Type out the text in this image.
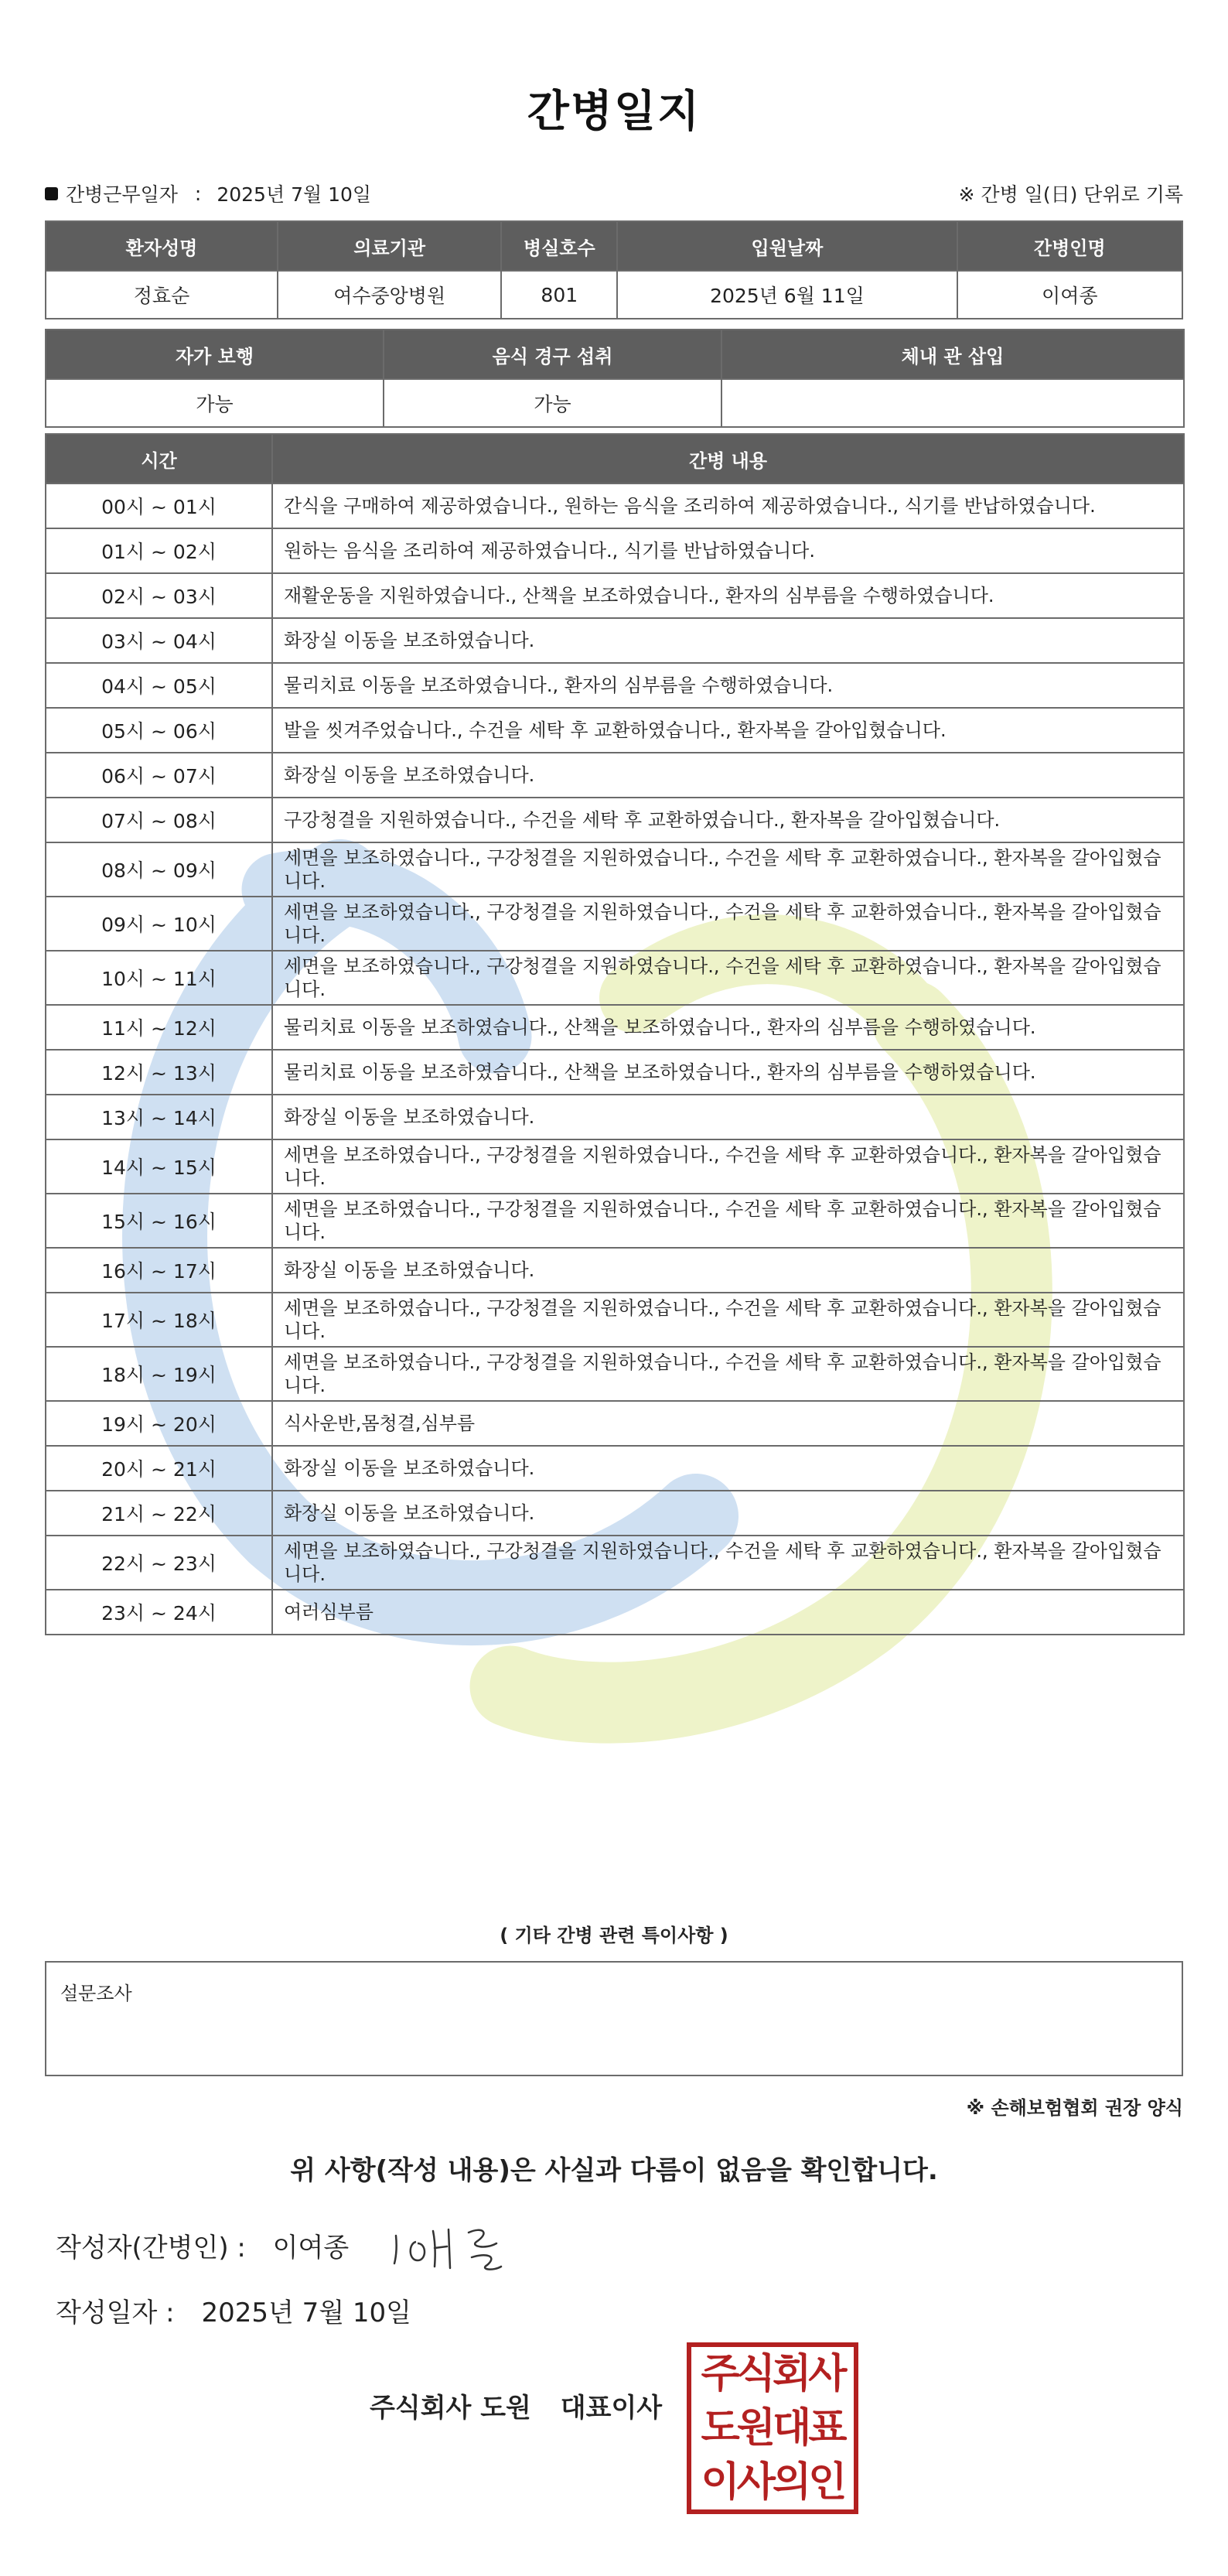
간병일지
간병근무일자 : 2025년 7월 10일	※ 간병 일(日) 단위로 기록
환자성명	의료기관	병실호수	입원날짜	간병인명
정효순	여수중앙병원	801	2025년 6월 11일	이여종
자가 보행	음식 경구 섭취	체내 관 삽입
가능	가능	
시간	간병 내용
00시 ~ 01시	간식을 구매하여 제공하였습니다., 원하는 음식을 조리하여 제공하였습니다., 식기를 반납하였습니다.
01시 ~ 02시	원하는 음식을 조리하여 제공하였습니다., 식기를 반납하였습니다.
02시 ~ 03시	재활운동을 지원하였습니다., 산책을 보조하였습니다., 환자의 심부름을 수행하였습니다.
03시 ~ 04시	화장실 이동을 보조하였습니다.
04시 ~ 05시	물리치료 이동을 보조하였습니다., 환자의 심부름을 수행하였습니다.
05시 ~ 06시	발을 씻겨주었습니다., 수건을 세탁 후 교환하였습니다., 환자복을 갈아입혔습니다.
06시 ~ 07시	화장실 이동을 보조하였습니다.
07시 ~ 08시	구강청결을 지원하였습니다., 수건을 세탁 후 교환하였습니다., 환자복을 갈아입혔습니다.
08시 ~ 09시	세면을 보조하였습니다., 구강청결을 지원하였습니다., 수건을 세탁 후 교환하였습니다., 환자복을 갈아입혔습니다.
09시 ~ 10시	세면을 보조하였습니다., 구강청결을 지원하였습니다., 수건을 세탁 후 교환하였습니다., 환자복을 갈아입혔습니다.
10시 ~ 11시	세면을 보조하였습니다., 구강청결을 지원하였습니다., 수건을 세탁 후 교환하였습니다., 환자복을 갈아입혔습니다.
11시 ~ 12시	물리치료 이동을 보조하였습니다., 산책을 보조하였습니다., 환자의 심부름을 수행하였습니다.
12시 ~ 13시	물리치료 이동을 보조하였습니다., 산책을 보조하였습니다., 환자의 심부름을 수행하였습니다.
13시 ~ 14시	화장실 이동을 보조하였습니다.
14시 ~ 15시	세면을 보조하였습니다., 구강청결을 지원하였습니다., 수건을 세탁 후 교환하였습니다., 환자복을 갈아입혔습니다.
15시 ~ 16시	세면을 보조하였습니다., 구강청결을 지원하였습니다., 수건을 세탁 후 교환하였습니다., 환자복을 갈아입혔습니다.
16시 ~ 17시	화장실 이동을 보조하였습니다.
17시 ~ 18시	세면을 보조하였습니다., 구강청결을 지원하였습니다., 수건을 세탁 후 교환하였습니다., 환자복을 갈아입혔습니다.
18시 ~ 19시	세면을 보조하였습니다., 구강청결을 지원하였습니다., 수건을 세탁 후 교환하였습니다., 환자복을 갈아입혔습니다.
19시 ~ 20시	식사운반,몸청결,심부름
20시 ~ 21시	화장실 이동을 보조하였습니다.
21시 ~ 22시	화장실 이동을 보조하였습니다.
22시 ~ 23시	세면을 보조하였습니다., 구강청결을 지원하였습니다., 수건을 세탁 후 교환하였습니다., 환자복을 갈아입혔습니다.
23시 ~ 24시	여러심부름
( 기타 간병 관련 특이사항 )
설문조사
※ 손해보험협회 권장 양식
위 사항(작성 내용)은 사실과 다름이 없음을 확인합니다.
작성자(간병인) : 이여종
작성일자 : 2025년 7월 10일
주식회사 도원 대표이사
주식회사
도원대표
이사의인
